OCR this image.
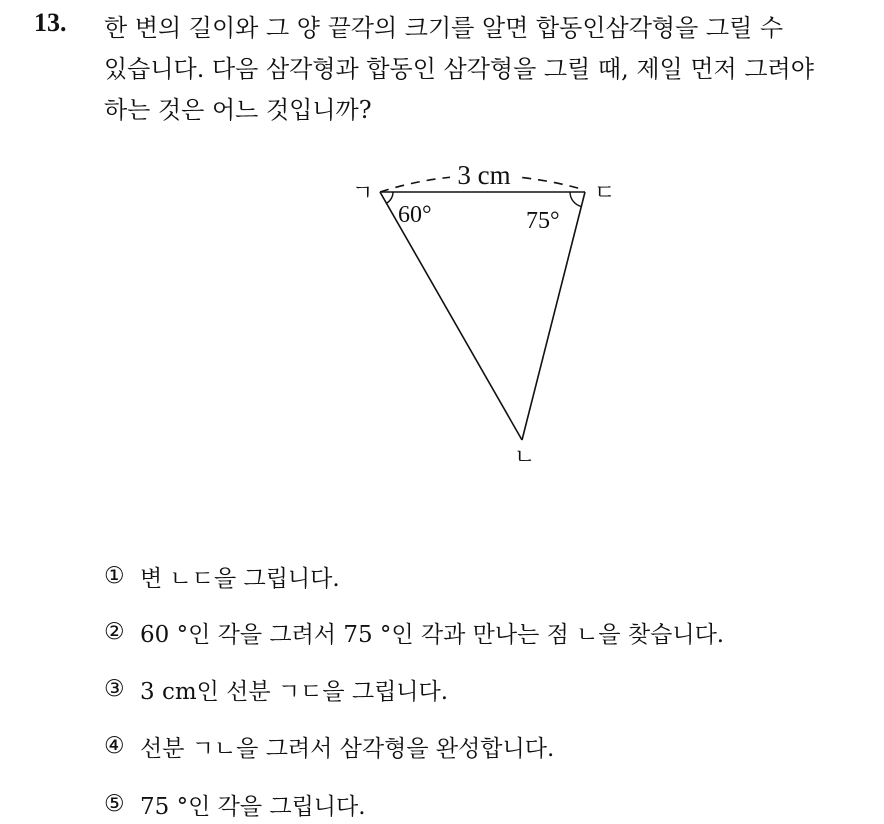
13. 한 변의 길이와 그 양 끝각의 크기를 알면 합동인삼각형을 그릴 수
있습니다. 다음 삼각형과 합동인 삼각형을 그릴 때, 제일 먼저 그려야
하는 것은 어느 것입니까?
3 cm
60°	75°
ㄱ	ㄷ
ㄴ
① 변 ㄴㄷ을 그립니다.
② 60 °인 각을 그려서 75 °인 각과 만나는 점 ㄴ을 찾습니다.
③ 3 cm인 선분 ㄱㄷ을 그립니다.
④ 선분 ㄱㄴ을 그려서 삼각형을 완성합니다.
⑤ 75 °인 각을 그립니다.
